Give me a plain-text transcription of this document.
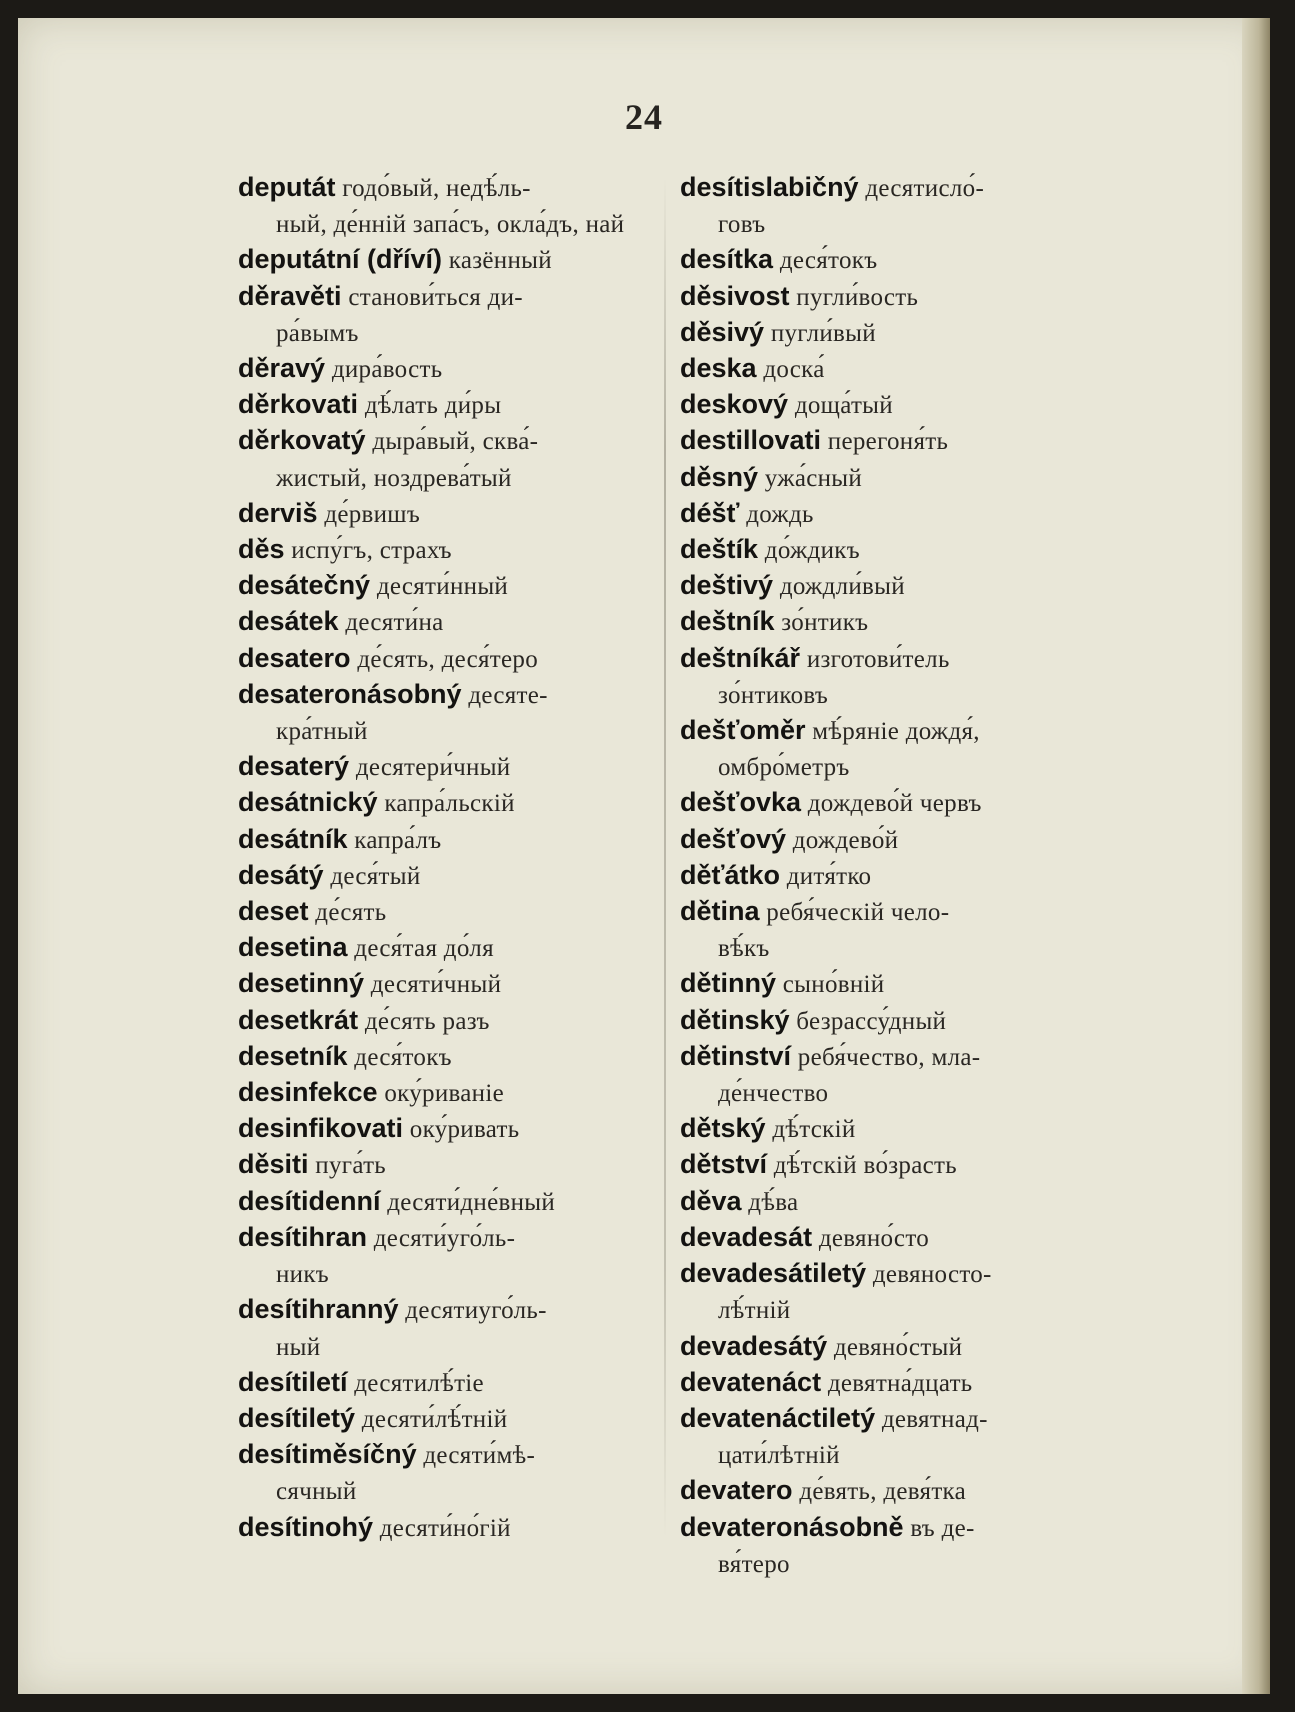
24

deputát годо́вый, недѣ́ль-

ный, де́нній запа́съ, окла́дъ, най

deputátní (dříví) казённый

děravěti станови́ться ди-

ра́вымъ

děravý дира́вость

děrkovati дѣ́лать ди́ры

děrkovatý дыра́вый, сква́-

жистый, ноздрева́тый

derviš де́рвишъ

děs испу́гъ, страхъ

desátečný десяти́нный

desátek десяти́на

desatero де́сять, деся́теро

desateronásobný десяте-

кра́тный

desaterý десятери́чный

desátnický капра́льскій

desátník капра́лъ

desátý деся́тый

deset де́сять

desetina деся́тая до́ля

desetinný десяти́чный

desetkrát де́сять разъ

desetník деся́токъ

desinfekce оку́риваніе

desinfikovati оку́ривать

děsiti пуга́ть

desítidenní десяти́дне́вный

desítihran десяти́уго́ль-

никъ

desítihranný десятиуго́ль-

ный

desítiletí десятилѣ́тіе

desítiletý десяти́лѣ́тній

desítiměsíčný десяти́мѣ-

сячный

desítinohý десяти́но́гій

desítislabičný десятисло́-

говъ

desítka деся́токъ

děsivost пугли́вость

děsivý пугли́вый

deska доска́

deskový доща́тый

destillovati перегоня́ть

děsný ужа́сный

déšť дождь

deštík до́ждикъ

deštivý дождли́вый

deštník зо́нтикъ

deštníkář изготови́тель

зо́нтиковъ

dešťoměr мѣ́ряніе дождя́,

омбро́метръ

dešťovka дождево́й червъ

dešťový дождево́й

děťátko дитя́тко

dětina ребя́ческій чело-

вѣ́къ

dětinný сыно́вній

dětinský безрассу́дный

dětinství ребя́чество, мла-

де́нчество

dětský дѣ́тскій

dětství дѣ́тскій во́зрасть

děva дѣ́ва

devadesát девяно́сто

devadesátiletý девяносто-

лѣ́тній

devadesátý девяно́стый

devatenáct девятна́дцать

devatenáctiletý девятнад-

цати́лѣтній

devatero де́вять, девя́тка

devateronásobně въ де-

вя́теро
